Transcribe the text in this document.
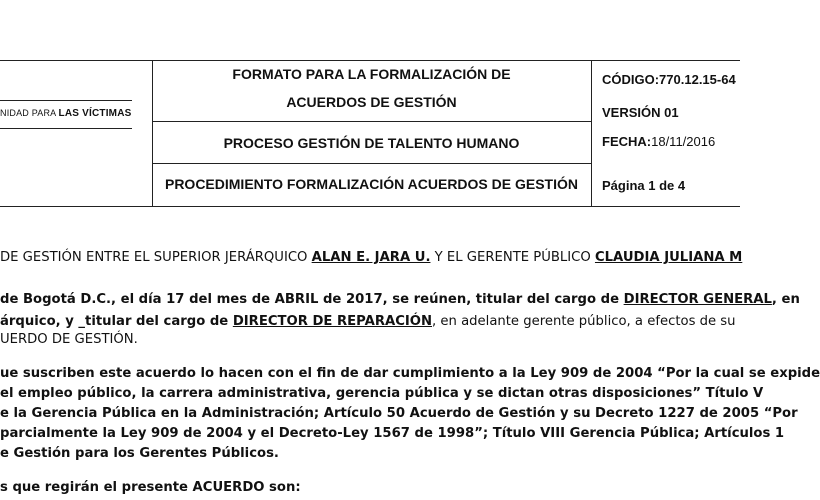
NIDAD PARA LAS VÍCTIMAS
FORMATO PARA LA FORMALIZACIÓN DE
ACUERDOS DE GESTIÓN
PROCESO GESTIÓN DE TALENTO HUMANO
PROCEDIMIENTO FORMALIZACIÓN ACUERDOS DE GESTIÓN
CÓDIGO:770.12.15-64
VERSIÓN 01
FECHA:18/11/2016
Página 1 de 4
DE GESTIÓN ENTRE EL SUPERIOR JERÁRQUICO ALAN E. JARA U. Y EL GERENTE PÚBLICO CLAUDIA JULIANA M
de Bogotá D.C., el día 17 del mes de ABRIL de 2017, se reúnen, titular del cargo de DIRECTOR GENERAL, en
árquico, y _titular del cargo de DIRECTOR DE REPARACIÓN, en adelante gerente público, a efectos de su
UERDO DE GESTIÓN.
ue suscriben este acuerdo lo hacen con el fin de dar cumplimiento a la Ley 909 de 2004 “Por la cual se expide
el empleo público, la carrera administrativa, gerencia pública y se dictan otras disposiciones” Título V
e la Gerencia Pública en la Administración; Artículo 50 Acuerdo de Gestión y su Decreto 1227 de 2005 “Por
parcialmente la Ley 909 de 2004 y el Decreto-Ley 1567 de 1998”; Título VIII Gerencia Pública; Artículos 1
e Gestión para los Gerentes Públicos.
s que regirán el presente ACUERDO son:
